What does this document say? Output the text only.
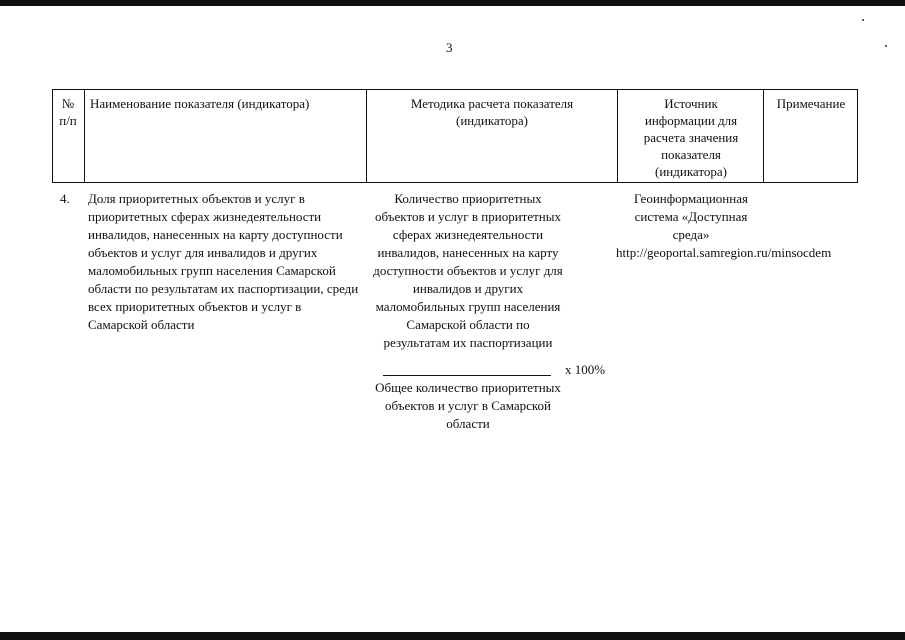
3
№ п/п
Наименование показателя (индикатора)	Методика расчета показателя (индикатора)
Источник информации для расчета значения показателя (индикатора)
Примечание
4. Доля приоритетных объектов и услуг в приоритетных сферах жизнедеятельности инвалидов, нанесенных на карту доступности объектов и услуг для инвалидов и других маломобильных групп населения Самарской области по результатам их паспортизации, среди всех приоритетных объектов и услуг в Самарской области
Количество приоритетных объектов и услуг в приоритетных сферах жизнедеятельности инвалидов, нанесенных на карту доступности объектов и услуг для инвалидов и других маломобильных групп населения Самарской области по результатам их паспортизации
x 100%
Общее количество приоритетных объектов и услуг в Самарской области
Геоинформационная система «Доступная среда» http://geoportal.samregion.ru/minsocdem
